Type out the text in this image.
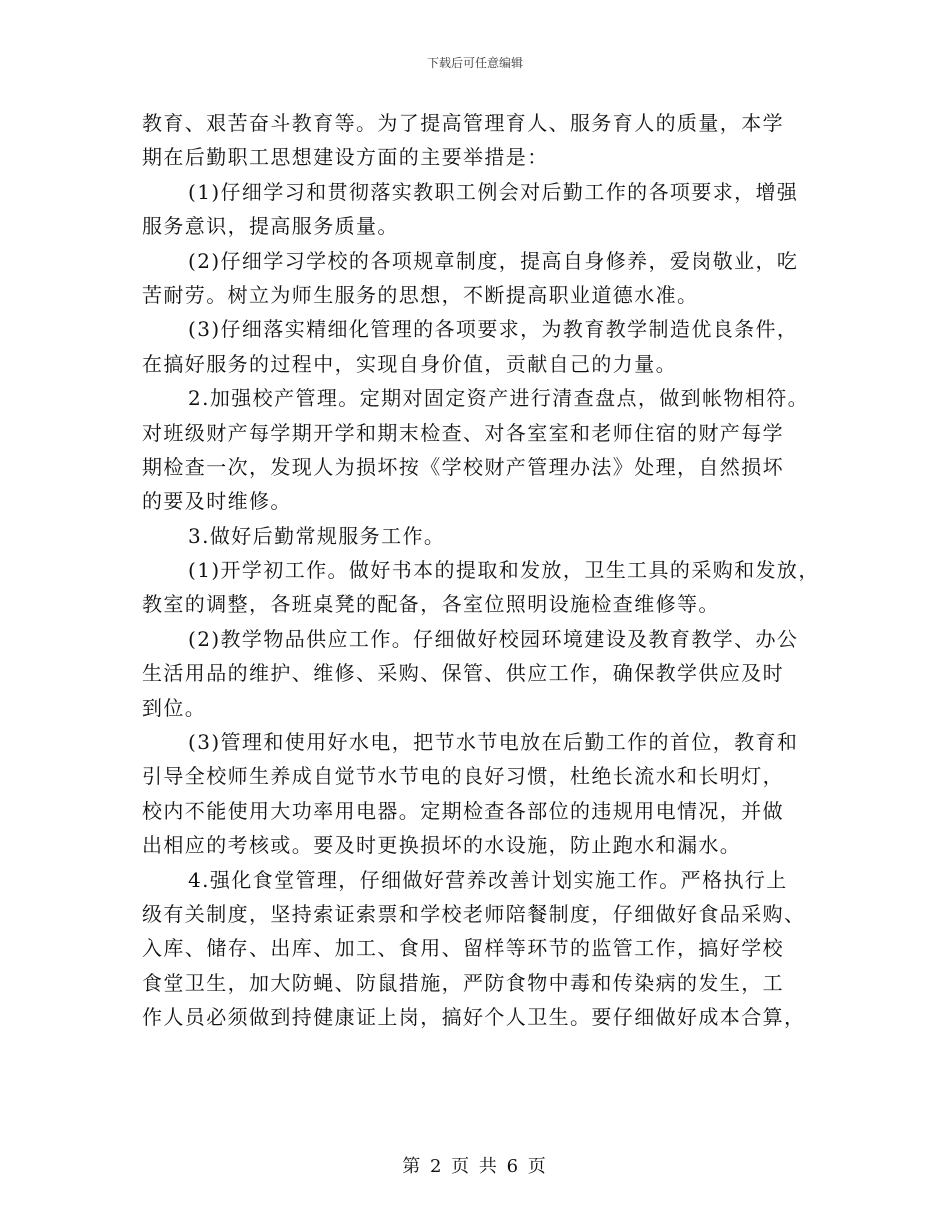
下载后可任意编辑
教育、艰苦奋斗教育等。为了提高管理育人、服务育人的质量，本学
期在后勤职工思想建设方面的主要举措是：
(1)仔细学习和贯彻落实教职工例会对后勤工作的各项要求，增强
服务意识，提高服务质量。
(2)仔细学习学校的各项规章制度，提高自身修养，爱岗敬业，吃
苦耐劳。树立为师生服务的思想，不断提高职业道德水准。
(3)仔细落实精细化管理的各项要求，为教育教学制造优良条件，
在搞好服务的过程中，实现自身价值，贡献自己的力量。
2.加强校产管理。定期对固定资产进行清查盘点，做到帐物相符。
对班级财产每学期开学和期末检查、对各室室和老师住宿的财产每学
期检查一次，发现人为损坏按《学校财产管理办法》处理，自然损坏
的要及时维修。
3.做好后勤常规服务工作。
(1)开学初工作。做好书本的提取和发放，卫生工具的采购和发放，
教室的调整，各班桌凳的配备，各室位照明设施检查维修等。
(2)教学物品供应工作。仔细做好校园环境建设及教育教学、办公
生活用品的维护、维修、采购、保管、供应工作，确保教学供应及时
到位。
(3)管理和使用好水电，把节水节电放在后勤工作的首位，教育和
引导全校师生养成自觉节水节电的良好习惯，杜绝长流水和长明灯，
校内不能使用大功率用电器。定期检查各部位的违规用电情况，并做
出相应的考核或。要及时更换损坏的水设施，防止跑水和漏水。
4.强化食堂管理，仔细做好营养改善计划实施工作。严格执行上
级有关制度，坚持索证索票和学校老师陪餐制度，仔细做好食品采购、
入库、储存、出库、加工、食用、留样等环节的监管工作，搞好学校
食堂卫生，加大防蝇、防鼠措施，严防食物中毒和传染病的发生，工
作人员必须做到持健康证上岗，搞好个人卫生。要仔细做好成本合算，
第 2 页 共 6 页
